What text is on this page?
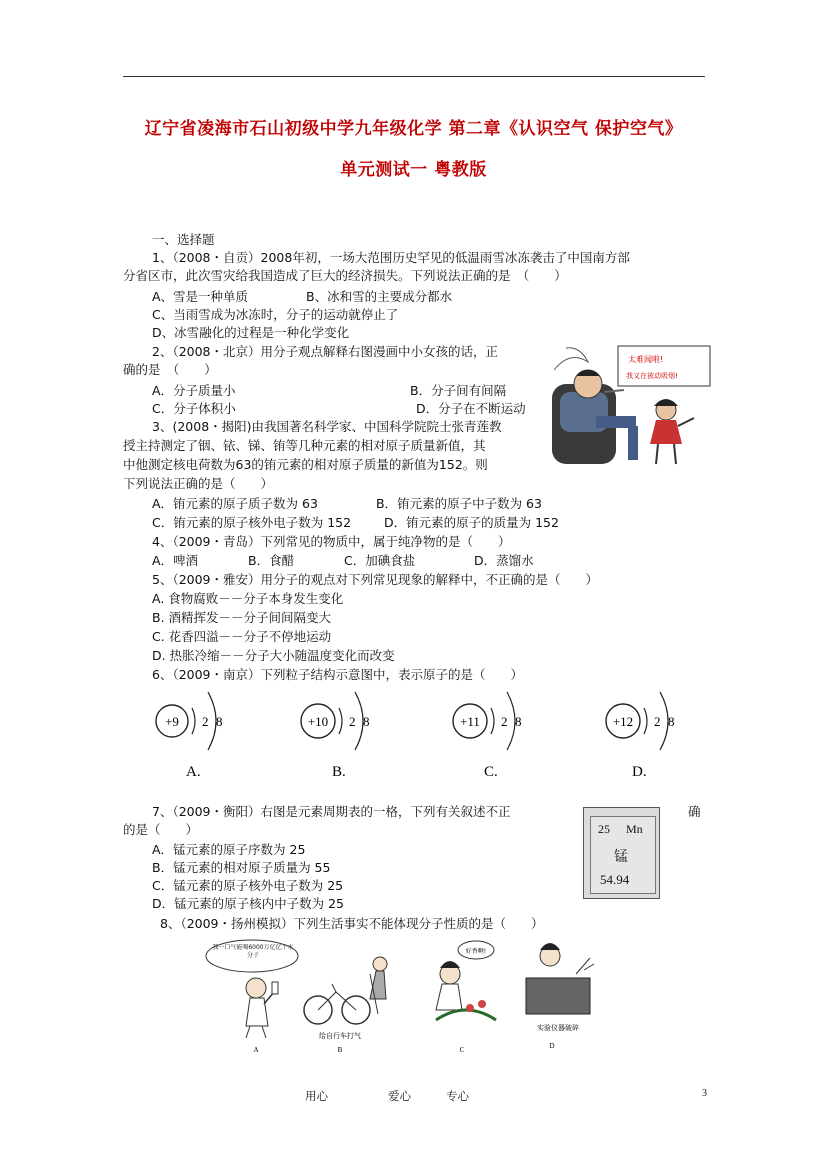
辽宁省凌海市石山初级中学九年级化学 第二章《认识空气 保护空气》
单元测试一 粤教版
一、选择题
1、（2008・自贡）2008年初，一场大范围历史罕见的低温雨雪冰冻袭击了中国南方部
分省区市，此次雪灾给我国造成了巨大的经济损失。下列说法正确的是　（　　）
A、雪是一种单质	B、冰和雪的主要成分都水
C、当雨雪成为冰冻时，分子的运动就停止了
D、冰雪融化的过程是一种化学变化
2、（2008・北京）用分子观点解释右图漫画中小女孩的话，正
确的是　（　　）
A．分子质量小	B．分子间有间隔
C．分子体积小	D．分子在不断运动
太难闻啦!
我又在被动吸烟!
3、(2008・揭阳)由我国著名科学家、中国科学院院士张青莲教
授主持测定了铟、铱、锑、铕等几种元素的相对原子质量新值，其
中他测定核电荷数为63的铕元素的相对原子质量的新值为152。则
下列说法正确的是（　　）
A．铕元素的原子质子数为 63	B．铕元素的原子中子数为 63
C．铕元素的原子核外电子数为 152	D．铕元素的原子的质量为 152
4、（2009・青岛）下列常见的物质中，属于纯净物的是（　　）
A．啤酒	B．食醋	C．加碘食盐	D．蒸馏水
5、（2009・雅安）用分子的观点对下列常见现象的解释中，不正确的是（　　）
A. 食物腐败－－分子本身发生变化
B. 酒精挥发－－分子间间隔变大
C. 花香四溢－－分子不停地运动
D. 热胀冷缩－－分子大小随温度变化而改变
6、（2009・南京）下列粒子结构示意图中，表示原子的是（　　）
+9 2 8
A.
+10 2 8
B.
+11 2 8
C.
+12 2 8
D.
7、（2009・衡阳）右图是元素周期表的一格，下列有关叙述不正	确
的是（　　）
A．锰元素的原子序数为 25
B．锰元素的相对原子质量为 55
C．锰元素的原子核外电子数为 25
D．锰元素的原子核内中子数为 25
25 Mn
锰
54.94
8、（2009・扬州模拟）下列生活事实不能体现分子性质的是（　　）
我一口气能喝6000万亿亿个水分子
A
给自行车打气
B
好香啊!
C
实验仪器破碎
D
用心	爱心	专心	3
